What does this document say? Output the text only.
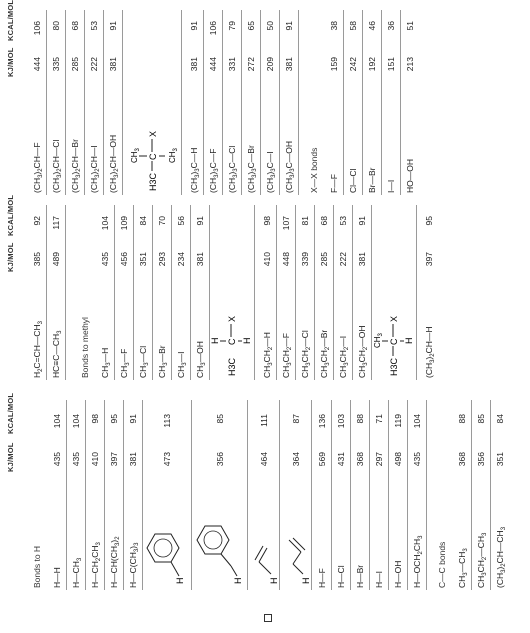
KJ/MOL
KCAL/MOL
Bonds to H	H—H
435
104
$H—CH_3$
435
104
$H—CH_2CH_3$
410
98
$H—CH(CH_3)_2$
397
95
$H—C(CH_3)_3$
381
91
H
473
113
H
356
85
H
464
111
H
364
87
H—F
569
136
H—Cl
431
103
H—Br
368
88
H—I
297
71
H—OH
498
119
$H—OCH_2CH_3$
435
104
C—C bonds	$CH_3—CH_3$
368
88
$CH_3CH_2—CH_3$
356
85
$(CH_3)_2CH—CH_3$
351
84
KJ/MOL
KCAL/MOL
$H_2C=CH—CH_3$
385
92
$HC\equiv C—CH_3$
489
117
Bonds to methyl	$CH_3—H$
435
104
$CH_3—F$
456
109
$CH_3—Cl$
351
84
$CH_3—Br$
293
70
$CH_3—I$
234
56
$CH_3—OH$
381
91
H
H3C
C
X
H
$CH_3CH_2—H$
410
98
$CH_3CH_2—F$
448
107
$CH_3CH_2—Cl$
339
81
$CH_3CH_2—Br$
285
68
$CH_3CH_2—I$
222
53
$CH_3CH_2—OH$
381
91
$CH_3$
H3C
C
X
H
$(CH_3)_2CH—H$
397
95
KJ/MOL
KCAL/MOL
$(CH_3)_2CH—F$
444
106
$(CH_3)_2CH—Cl$
335
80
$(CH_3)_2CH—Br$
285
68
$(CH_3)_2CH—I$
222
53
$(CH_3)_2CH—OH$
381
91
$CH_3$
H3C
C
X
$CH_3$
$(CH_3)_3C—H$
381
91
$(CH_3)_3C—F$
444
106
$(CH_3)_3C—Cl$
331
79
$(CH_3)_3C—Br$
272
65
$(CH_3)_3C—I$
209
50
$(CH_3)_3C—OH$
381
91
X—X bonds	F—F
159
38
Cl—Cl
242
58
Br—Br
192
46
I—I
151
36
HO—OH
213
51
